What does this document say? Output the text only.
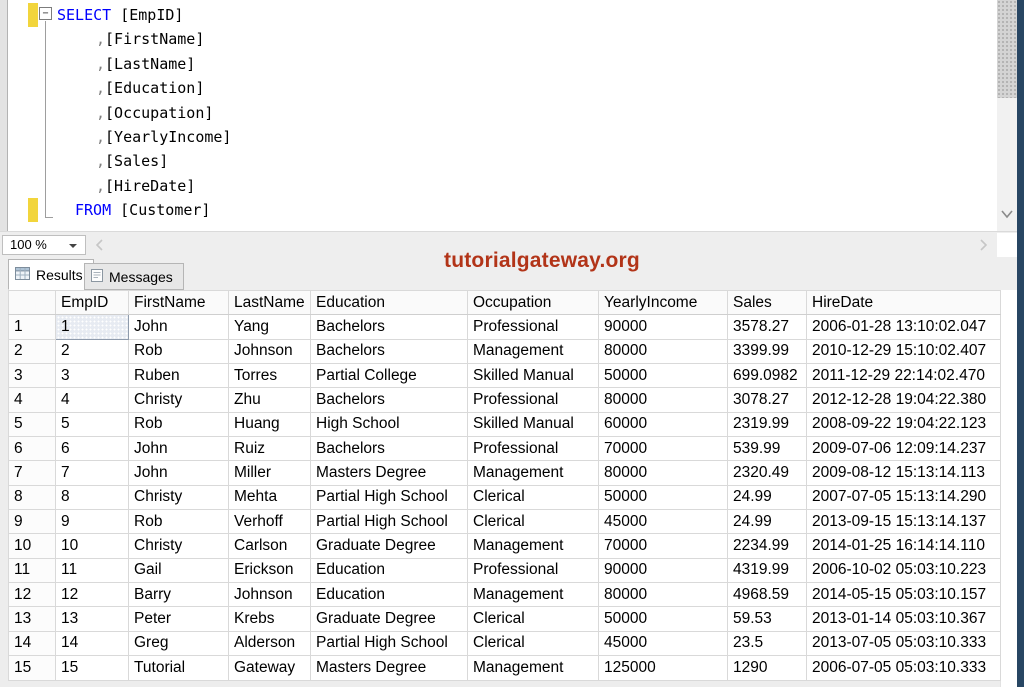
SELECT [EmpID]
,[FirstName]
,[LastName]
,[Education]
,[Occupation]
,[YearlyIncome]
,[Sales]
,[HireDate]
FROM [Customer]
−
100 %
Results Messages
tutorialgateway.org
	EmpID	FirstName	LastName	Education	Occupation	YearlyIncome	Sales	HireDate
1	1	John	Yang	Bachelors	Professional	90000	3578.27	2006-01-28 13:10:02.047
2	2	Rob	Johnson	Bachelors	Management	80000	3399.99	2010-12-29 15:10:02.407
3	3	Ruben	Torres	Partial College	Skilled Manual	50000	699.0982	2011-12-29 22:14:02.470
4	4	Christy	Zhu	Bachelors	Professional	80000	3078.27	2012-12-28 19:04:22.380
5	5	Rob	Huang	High School	Skilled Manual	60000	2319.99	2008-09-22 19:04:22.123
6	6	John	Ruiz	Bachelors	Professional	70000	539.99	2009-07-06 12:09:14.237
7	7	John	Miller	Masters Degree	Management	80000	2320.49	2009-08-12 15:13:14.113
8	8	Christy	Mehta	Partial High School	Clerical	50000	24.99	2007-07-05 15:13:14.290
9	9	Rob	Verhoff	Partial High School	Clerical	45000	24.99	2013-09-15 15:13:14.137
10	10	Christy	Carlson	Graduate Degree	Management	70000	2234.99	2014-01-25 16:14:14.110
11	11	Gail	Erickson	Education	Professional	90000	4319.99	2006-10-02 05:03:10.223
12	12	Barry	Johnson	Education	Management	80000	4968.59	2014-05-15 05:03:10.157
13	13	Peter	Krebs	Graduate Degree	Clerical	50000	59.53	2013-01-14 05:03:10.367
14	14	Greg	Alderson	Partial High School	Clerical	45000	23.5	2013-07-05 05:03:10.333
15	15	Tutorial	Gateway	Masters Degree	Management	125000	1290	2006-07-05 05:03:10.333
